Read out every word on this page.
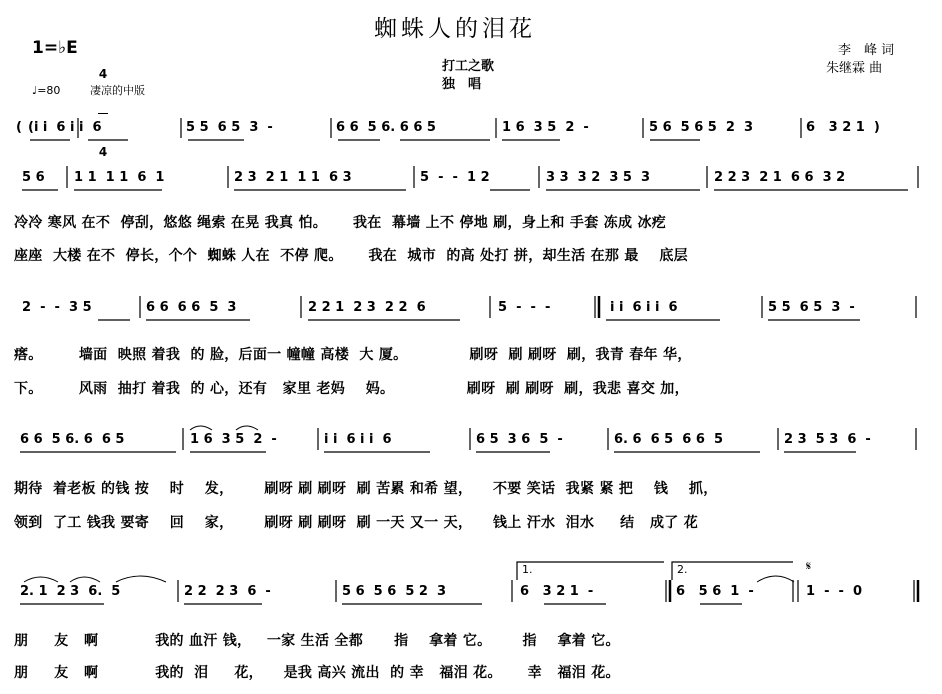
蜘蛛人的泪花
1=♭E

4

4

♩=80	凄凉的中版
打工之歌
独　唱
李　峰 词
朱继霖 曲
1.	2.	𝄋
( (i i  6 i i  6	5 5  6 5  3  -	6 6  5 6. 6 6 5	1 6  3 5  2  -	5 6  5 6 5  2  3	6   3 2 1  )
5 6 1 1  1 1  6  1	2 3  2 1  1 1  6 3	5  -  -  1 2	3 3  3 2  3 5  3	2 2 3  2 1  6 6  3 2
冷冷 寒风 在不  停刮，悠悠 绳索 在晃 我真 怕。     我在  幕墙 上不 停地 刷，身上和 手套 冻成 冰疙
座座  大楼 在不  停长，个个  蜘蛛 人在  不停 爬。     我在  城市  的高 处打 拼，却生活 在那 最    底层
2  -  -  3 5	6 6  6 6  5  3	2 2 1  2 3  2 2  6	5  -  -  -	i i  6 i i  6	5 5  6 5  3  -
瘩。       墙面  映照 着我  的 脸，后面一 幢幢 高楼  大 厦。            刷呀  刷 刷呀  刷，我青 春年 华，
下。       风雨  抽打 着我  的 心，还有   家里 老妈    妈。              刷呀  刷 刷呀  刷，我悲 喜交 加，
6 6  5 6. 6  6 5	1 6  3 5  2  -	i i  6 i i  6	6 5  3 6  5  -	6. 6  6 5  6 6  5	2 3  5 3  6  -
期待  着老板 的钱 按    时    发，      刷呀 刷 刷呀  刷 苦累 和希 望，    不要 笑话  我紧 紧 把    钱    抓，
领到  了工 钱我 要寄    回    家，      刷呀 刷 刷呀  刷 一天 又一 天，    钱上 汗水  泪水     结   成了 花
2. 1  2 3  6.  5	2 2  2 3  6  -	5 6  5 6  5 2  3	6   3 2 1  -	6   5 6  1  -	1  -  -  0
朋     友   啊           我的 血汗 钱，   一家 生活 全都      指    拿着 它。      指    拿着 它。
朋     友   啊           我的  泪     花，    是我 高兴 流出  的 幸   福泪 花。     幸   福泪 花。
